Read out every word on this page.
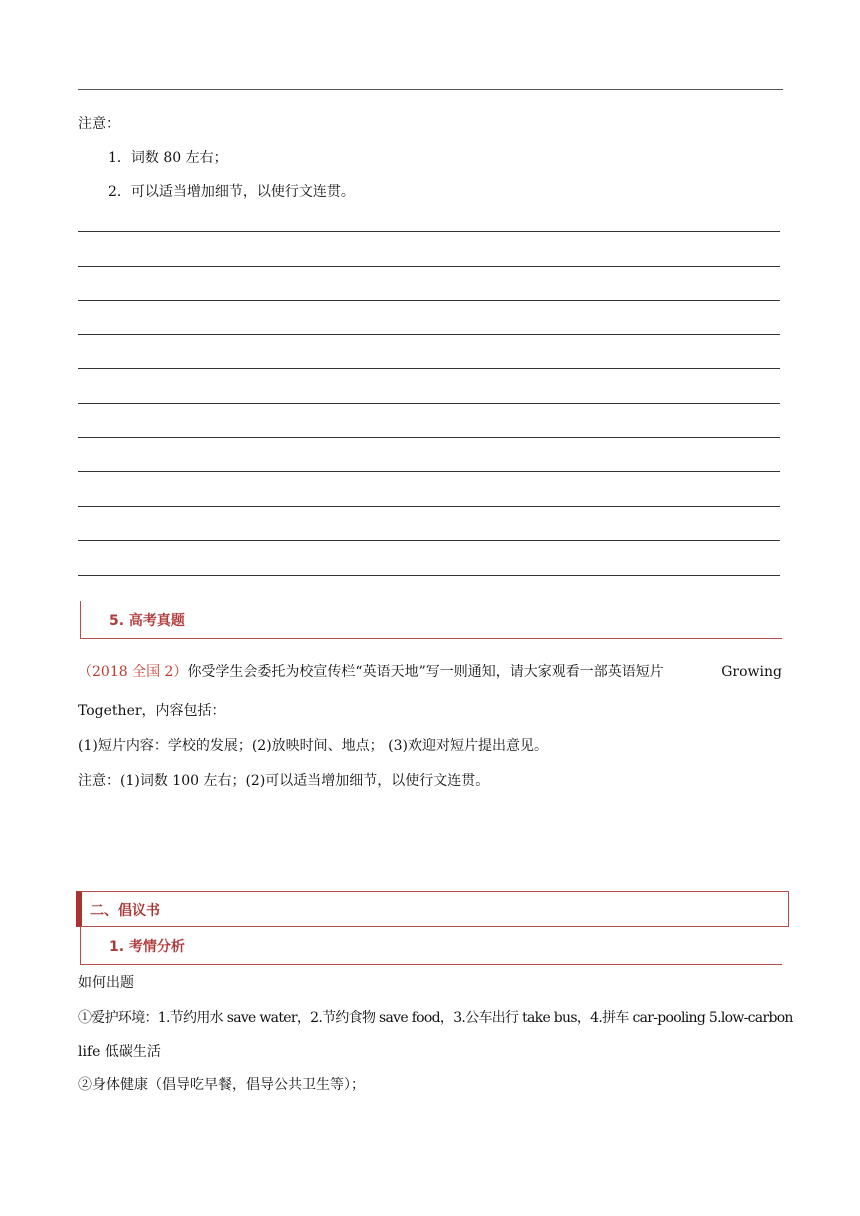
注意：
1．词数 80 左右；
2．可以适当增加细节，以使行文连贯。
5. 高考真题
（2018 全国 2）你受学生会委托为校宣传栏“英语天地”写一则通知，请大家观看一部英语短片	Growing
Together，内容包括：
(1)短片内容：学校的发展；(2)放映时间、地点； (3)欢迎对短片提出意见。
注意：(1)词数 100 左右；(2)可以适当增加细节，以使行文连贯。
二、倡议书
1. 考情分析
如何出题
①爱护环境：1.节约用水 save water，2.节约食物 save food，3.公车出行 take bus，4.拼车 car-pooling 5.low-carbon
life 低碳生活
②身体健康（倡导吃早餐，倡导公共卫生等）；
